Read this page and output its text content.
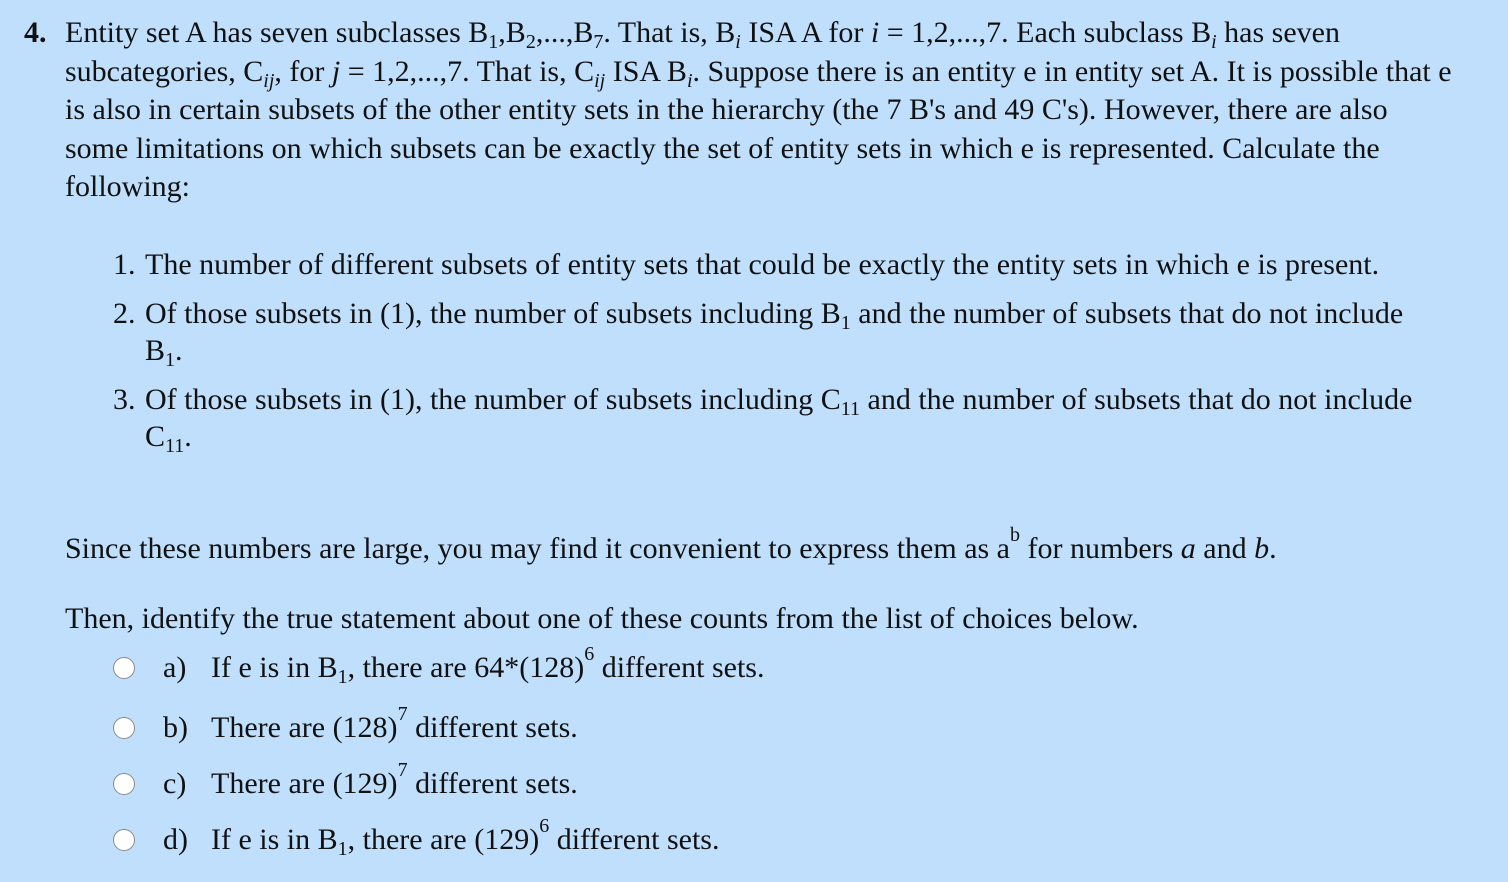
4. Entity set A has seven subclasses $B_1,B_2,...,B_7$. That is, $B_i$ ISA A for i = 1,2,...,7. Each subclass $B_i$ has seven subcategories, $C_{ij}$, for j = 1,2,...,7. That is, $C_{ij}$ ISA $B_i$. Suppose there is an entity e in entity set A. It is possible that e is also in certain subsets of the other entity sets in the hierarchy (the 7 B's and 49 C's). However, there are also some limitations on which subsets can be exactly the set of entity sets in which e is represented. Calculate the following:
1. The number of different subsets of entity sets that could be exactly the entity sets in which e is present.
2. Of those subsets in (1), the number of subsets including $B_1$ and the number of subsets that do not include $B_1$.
3. Of those subsets in (1), the number of subsets including $C_{11}$ and the number of subsets that do not include $C_{11}$.
Since these numbers are large, you may find it convenient to express them as $a^b$ for numbers a and b.
Then, identify the true statement about one of these counts from the list of choices below.
a) If e is in $B_1$, there are $64*(128)^6$ different sets.
b) There are $(128)^7$ different sets.
c) There are $(129)^7$ different sets.
d) If e is in $B_1$, there are $(129)^6$ different sets.
